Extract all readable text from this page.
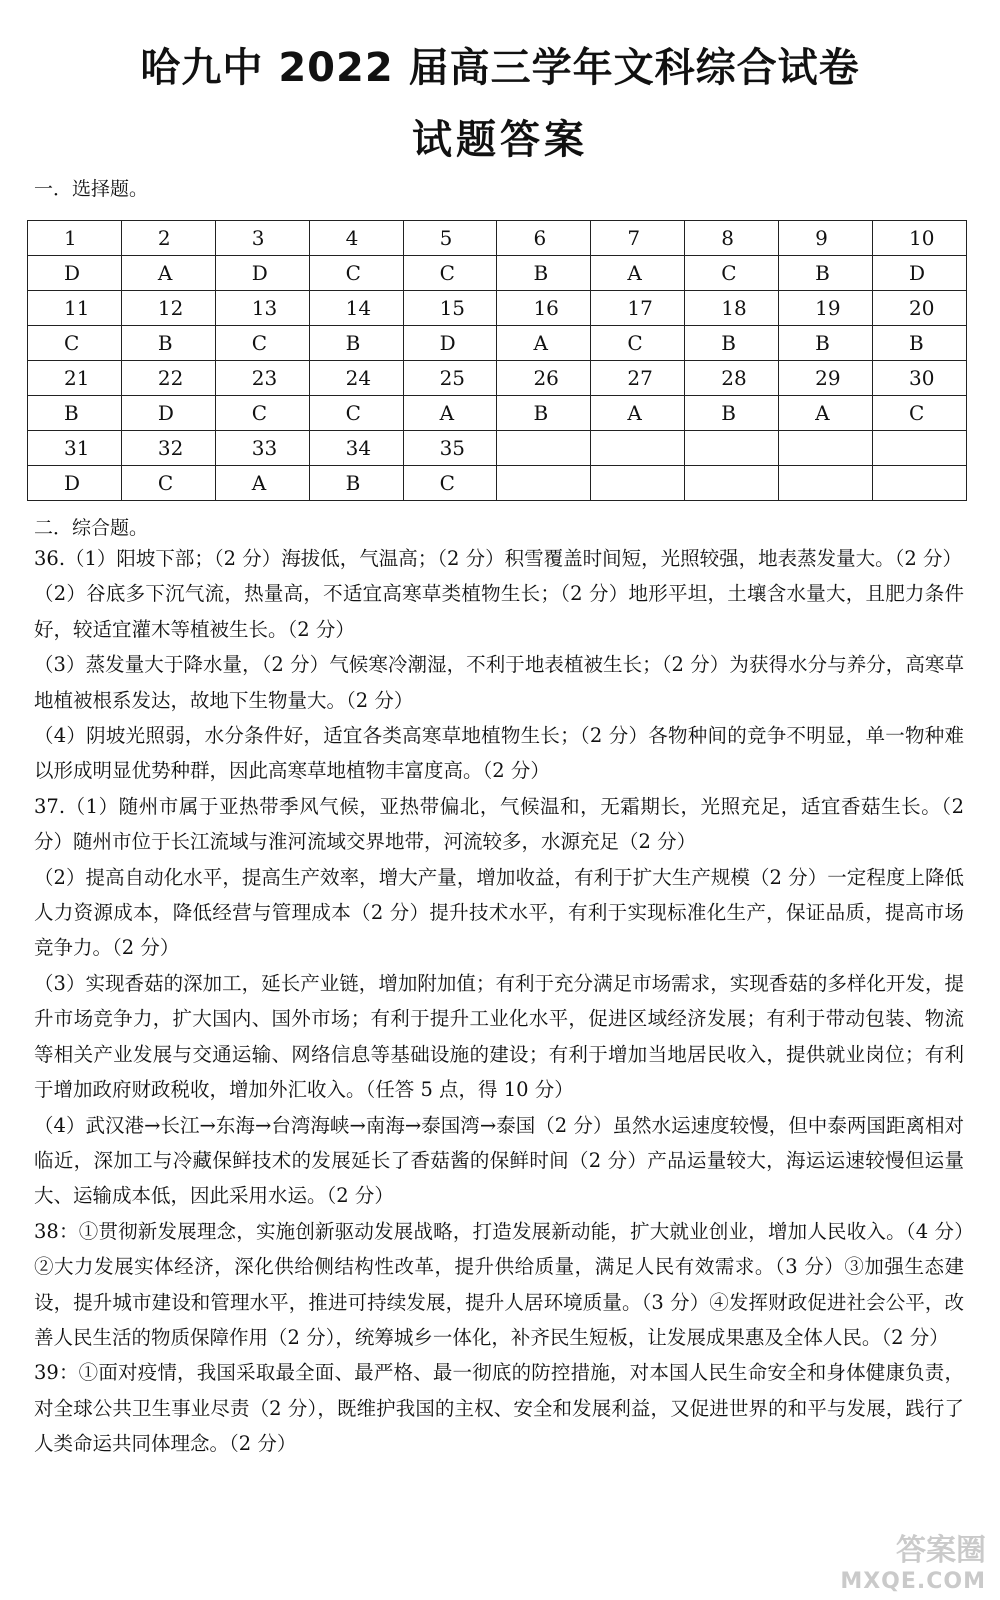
哈九中 2022 届高三学年文科综合试卷
试题答案
一．选择题。
1	2	3	4	5	6	7	8	9	10
D	A	D	C	C	B	A	C	B	D
11	12	13	14	15	16	17	18	19	20
C	B	C	B	D	A	C	B	B	B
21	22	23	24	25	26	27	28	29	30
B	D	C	C	A	B	A	B	A	C
31	32	33	34	35					
D	C	A	B	C					
二．综合题。

36.（1）阳坡下部；（2 分）海拔低，气温高；（2 分）积雪覆盖时间短，光照较强，地表蒸发量大。（2 分）

（2）谷底多下沉气流，热量高，不适宜高寒草类植物生长；（2 分）地形平坦，土壤含水量大，且肥力条件好，较适宜灌木等植被生长。（2 分）

（3）蒸发量大于降水量，（2 分）气候寒冷潮湿，不利于地表植被生长；（2 分）为获得水分与养分，高寒草地植被根系发达，故地下生物量大。（2 分）

（4）阴坡光照弱，水分条件好，适宜各类高寒草地植物生长；（2 分）各物种间的竞争不明显，单一物种难以形成明显优势种群，因此高寒草地植物丰富度高。（2 分）

37.（1）随州市属于亚热带季风气候，亚热带偏北，气候温和，无霜期长，光照充足，适宜香菇生长。（2 分）随州市位于长江流域与淮河流域交界地带，河流较多，水源充足（2 分）

（2）提高自动化水平，提高生产效率，增大产量，增加收益，有利于扩大生产规模（2 分）一定程度上降低人力资源成本，降低经营与管理成本（2 分）提升技术水平，有利于实现标准化生产，保证品质，提高市场竞争力。（2 分）

（3）实现香菇的深加工，延长产业链，增加附加值；有利于充分满足市场需求，实现香菇的多样化开发，提升市场竞争力，扩大国内、国外市场；有利于提升工业化水平，促进区域经济发展；有利于带动包装、物流等相关产业发展与交通运输、网络信息等基础设施的建设；有利于增加当地居民收入，提供就业岗位；有利于增加政府财政税收，增加外汇收入。（任答 5 点，得 10 分）

（4）武汉港→长江→东海→台湾海峡→南海→泰国湾→泰国（2 分）虽然水运速度较慢，但中泰两国距离相对临近，深加工与冷藏保鲜技术的发展延长了香菇酱的保鲜时间（2 分）产品运量较大，海运运速较慢但运量大、运输成本低，因此采用水运。（2 分）

38：①贯彻新发展理念，实施创新驱动发展战略，打造发展新动能，扩大就业创业，增加人民收入。（4 分）②大力发展实体经济，深化供给侧结构性改革，提升供给质量，满足人民有效需求。（3 分）③加强生态建设，提升城市建设和管理水平，推进可持续发展，提升人居环境质量。（3 分）④发挥财政促进社会公平，改善人民生活的物质保障作用（2 分），统筹城乡一体化，补齐民生短板，让发展成果惠及全体人民。（2 分）

39：①面对疫情，我国采取最全面、最严格、最一彻底的防控措施，对本国人民生命安全和身体健康负责，对全球公共卫生事业尽责（2 分），既维护我国的主权、安全和发展利益，又促进世界的和平与发展，践行了人类命运共同体理念。（2 分）

答案圈
MXQE.COM
